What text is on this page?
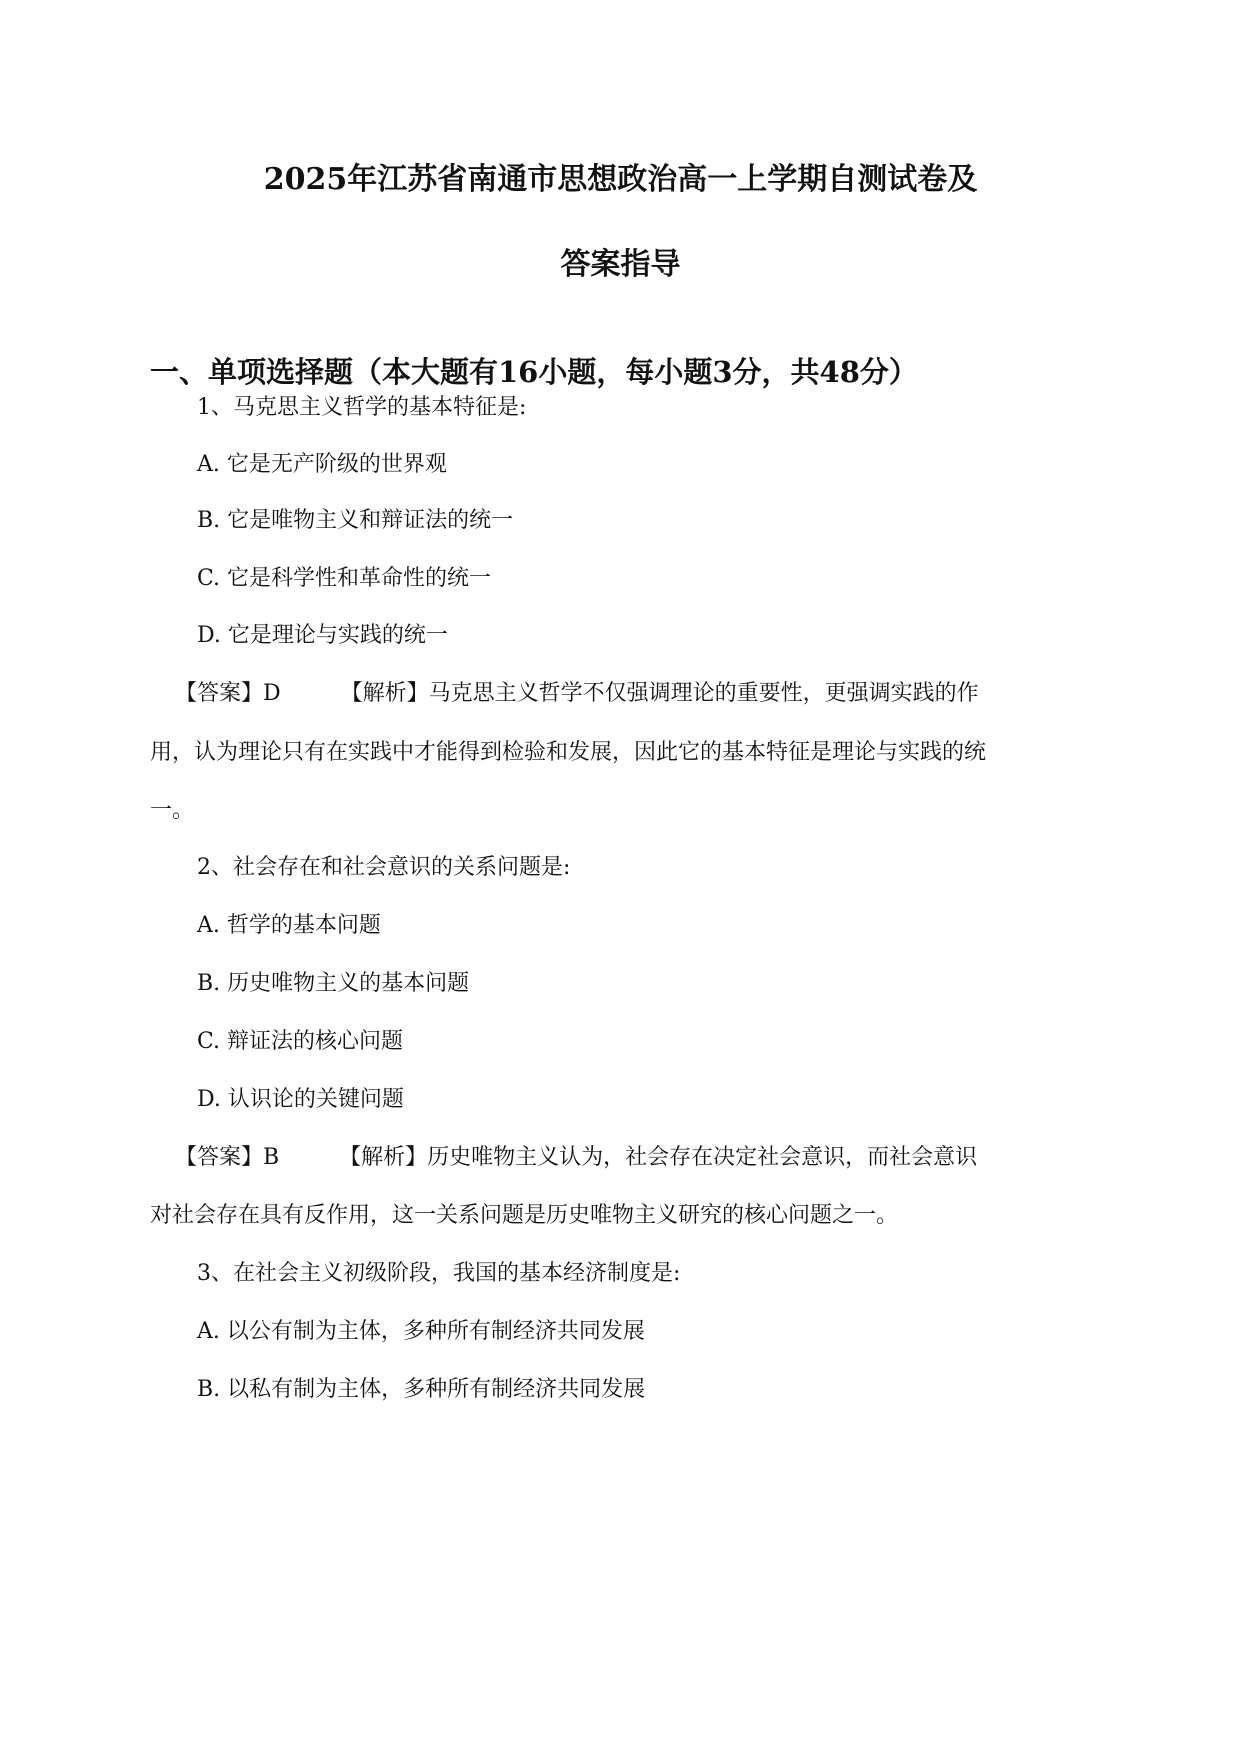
2025年江苏省南通市思想政治高一上学期自测试卷及
答案指导
一、单项选择题（本大题有16小题，每小题3分，共48分）
1、马克思主义哲学的基本特征是:
A. 它是无产阶级的世界观
B. 它是唯物主义和辩证法的统一
C. 它是科学性和革命性的统一
D. 它是理论与实践的统一
【答案】D	【解析】马克思主义哲学不仅强调理论的重要性，更强调实践的作
用，认为理论只有在实践中才能得到检验和发展，因此它的基本特征是理论与实践的统
一。
2、社会存在和社会意识的关系问题是:
A. 哲学的基本问题
B. 历史唯物主义的基本问题
C. 辩证法的核心问题
D. 认识论的关键问题
【答案】B	【解析】历史唯物主义认为，社会存在决定社会意识，而社会意识
对社会存在具有反作用，这一关系问题是历史唯物主义研究的核心问题之一。
3、在社会主义初级阶段，我国的基本经济制度是:
A. 以公有制为主体，多种所有制经济共同发展
B. 以私有制为主体，多种所有制经济共同发展
